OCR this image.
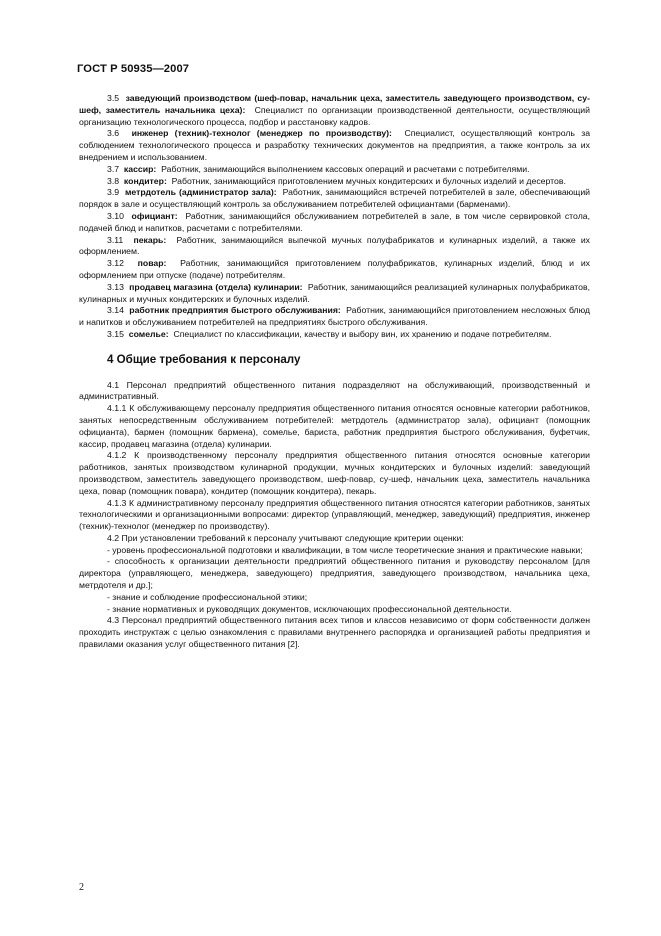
ГОСТ Р 50935—2007

3.5 заведующий производством (шеф-повар, начальник цеха, заместитель заведующего производством, су-шеф, заместитель начальника цеха): Специалист по организации производственной деятельности, осуществляющий организацию технологического процесса, подбор и расстановку кадров.

3.6 инженер (техник)-технолог (менеджер по производству): Специалист, осуществляющий контроль за соблюдением технологического процесса и разработку технических документов на предприятия, а также контроль за их внедрением и использованием.

3.7 кассир: Работник, занимающийся выполнением кассовых операций и расчетами с потребителями.

3.8 кондитер: Работник, занимающийся приготовлением мучных кондитерских и булочных изделий и десертов.

3.9 метрдотель (администратор зала): Работник, занимающийся встречей потребителей в зале, обеспечивающий порядок в зале и осуществляющий контроль за обслуживанием потребителей официантами (барменами).

3.10 официант: Работник, занимающийся обслуживанием потребителей в зале, в том числе сервировкой стола, подачей блюд и напитков, расчетами с потребителями.

3.11 пекарь: Работник, занимающийся выпечкой мучных полуфабрикатов и кулинарных изделий, а также их оформлением.

3.12 повар: Работник, занимающийся приготовлением полуфабрикатов, кулинарных изделий, блюд и их оформлением при отпуске (подаче) потребителям.

3.13 продавец магазина (отдела) кулинарии: Работник, занимающийся реализацией кулинарных полуфабрикатов, кулинарных и мучных кондитерских и булочных изделий.

3.14 работник предприятия быстрого обслуживания: Работник, занимающийся приготовлением несложных блюд и напитков и обслуживанием потребителей на предприятиях быстрого обслуживания.

3.15 сомелье: Специалист по классификации, качеству и выбору вин, их хранению и подаче потребителям.

4 Общие требования к персоналу

4.1 Персонал предприятий общественного питания подразделяют на обслуживающий, производственный и административный.

4.1.1 К обслуживающему персоналу предприятия общественного питания относятся основные категории работников, занятых непосредственным обслуживанием потребителей: метрдотель (администратор зала), официант (помощник официанта), бармен (помощник бармена), сомелье, бариста, работник предприятия быстрого обслуживания, буфетчик, кассир, продавец магазина (отдела) кулинарии.

4.1.2 К производственному персоналу предприятия общественного питания относятся основные категории работников, занятых производством кулинарной продукции, мучных кондитерских и булочных изделий: заведующий производством, заместитель заведующего производством, шеф-повар, су-шеф, начальник цеха, заместитель начальника цеха, повар (помощник повара), кондитер (помощник кондитера), пекарь.

4.1.3 К административному персоналу предприятия общественного питания относятся категории работников, занятых технологическими и организационными вопросами: директор (управляющий, менеджер, заведующий) предприятия, инженер (техник)-технолог (менеджер по производству).

4.2 При установлении требований к персоналу учитывают следующие критерии оценки:

- уровень профессиональной подготовки и квалификации, в том числе теоретические знания и практические навыки;

- способность к организации деятельности предприятий общественного питания и руководству персоналом [для директора (управляющего, менеджера, заведующего) предприятия, заведующего производством, начальника цеха, метрдотеля и др.];

- знание и соблюдение профессиональной этики;

- знание нормативных и руководящих документов, исключающих профессиональной деятельности.

4.3 Персонал предприятий общественного питания всех типов и классов независимо от форм собственности должен проходить инструктаж с целью ознакомления с правилами внутреннего распорядка и организацией работы предприятия и правилами оказания услуг общественного питания [2].

2
